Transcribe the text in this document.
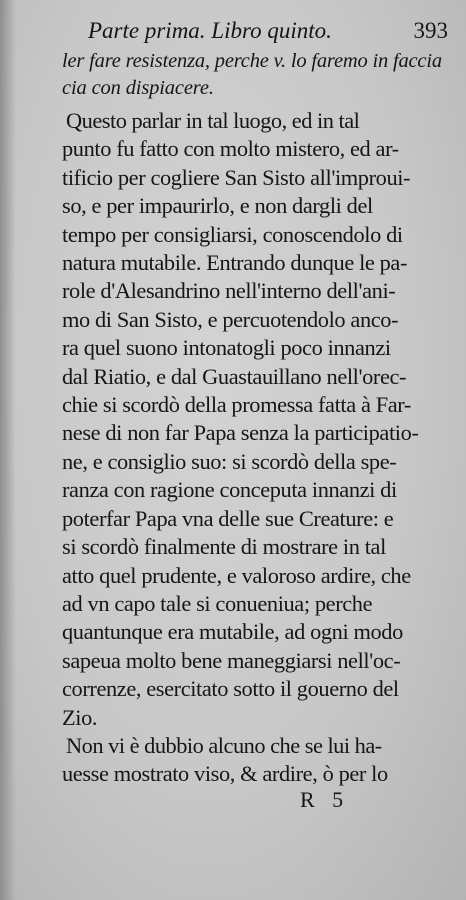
Parte prima. Libro quinto.	393
ler fare resistenza, perche v. lo faremo in faccia
cia con dispiacere.
Questo parlar in tal luogo, ed in tal
punto fu fatto con molto mistero, ed ar-
tificio per cogliere San Sisto all'improui-
so, e per impaurirlo, e non dargli del
tempo per consigliarsi, conoscendolo di
natura mutabile. Entrando dunque le pa-
role d'Alesandrino nell'interno dell'ani-
mo di San Sisto, e percuotendolo anco-
ra quel suono intonatogli poco innanzi
dal Riatio, e dal Guastauillano nell'orec-
chie si scordò della promessa fatta à Far-
nese di non far Papa senza la participatio-
ne, e consiglio suo: si scordò della spe-
ranza con ragione conceputa innanzi di
poterfar Papa vna delle sue Creature: e
si scordò finalmente di mostrare in tal
atto quel prudente, e valoroso ardire, che
ad vn capo tale si conueniua; perche
quantunque era mutabile, ad ogni modo
sapeua molto bene maneggiarsi nell'oc-
correnze, esercitato sotto il gouerno del
Zio.
Non vi è dubbio alcuno che se lui ha-
uesse mostrato viso, & ardire, ò per lo
R 5
